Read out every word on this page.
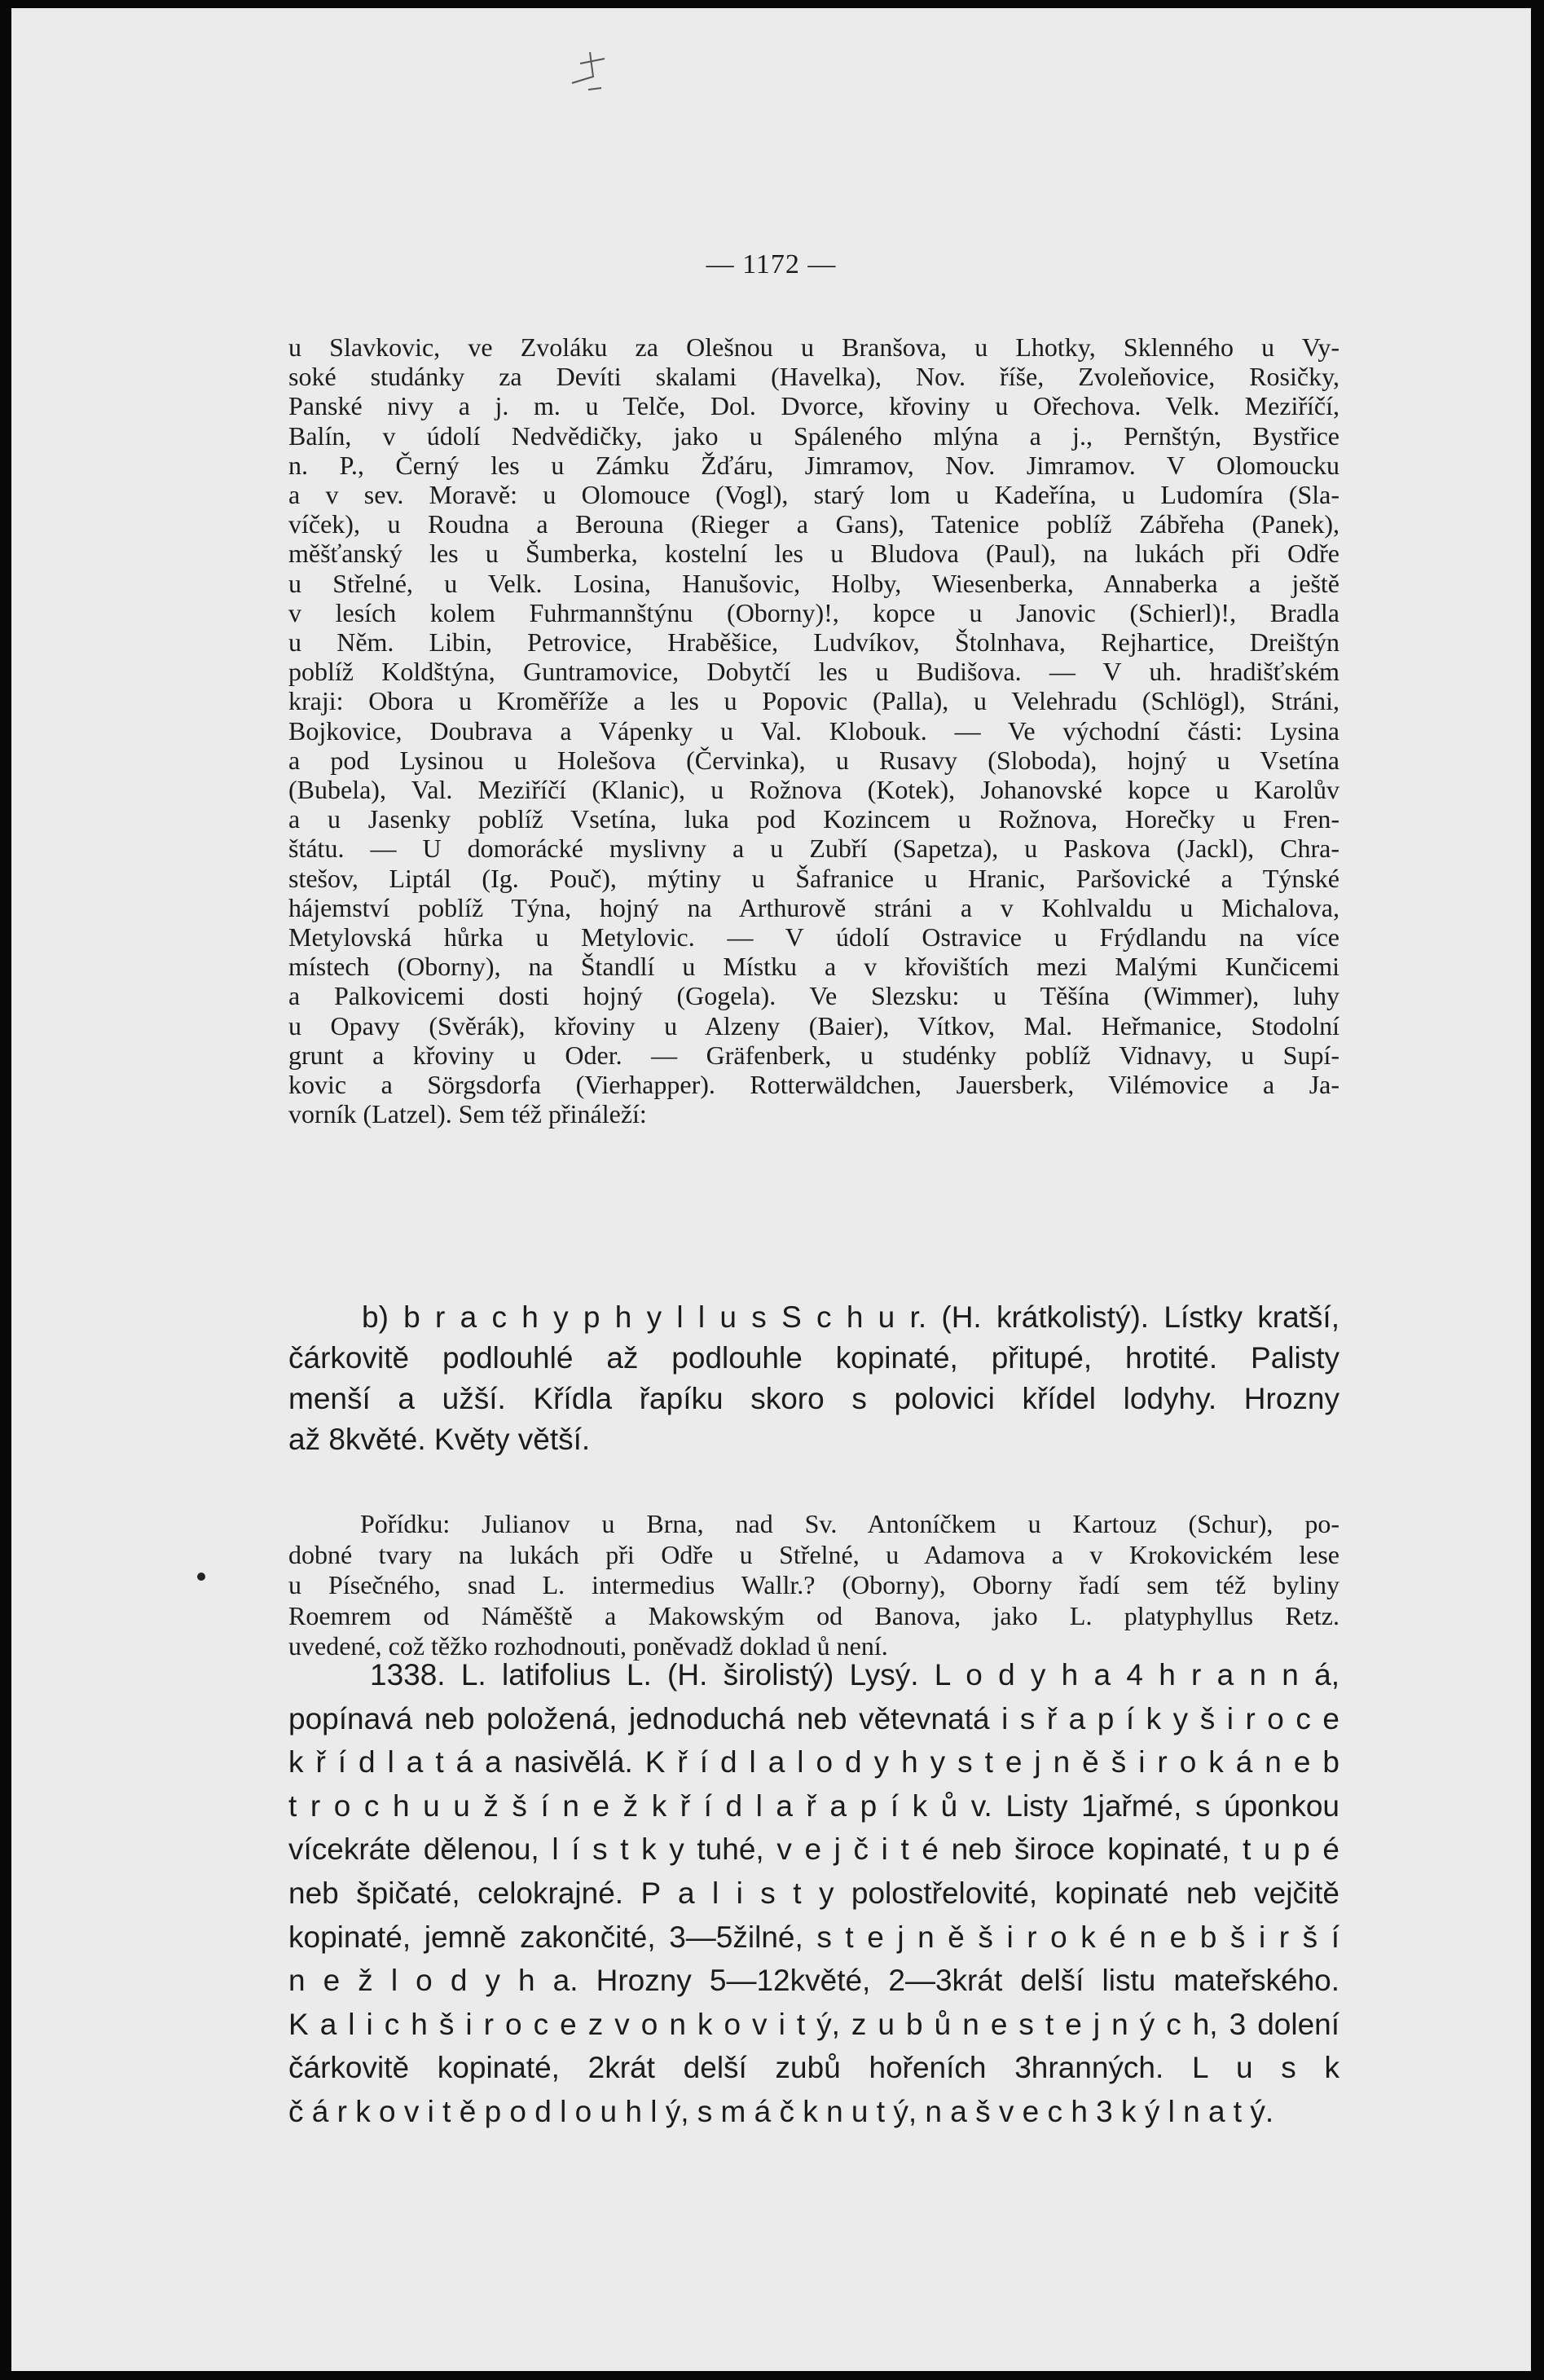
— 1172 —
u Slavkovic, ve Zvoláku za Olešnou u Branšova, u Lhotky, Sklenného u Vy-
soké studánky za Devíti skalami (Havelka), Nov. říše, Zvoleňovice, Rosičky,
Panské nivy a j. m. u Telče, Dol. Dvorce, křoviny u Ořechova. Velk. Meziříčí,
Balín, v údolí Nedvědičky, jako u Spáleného mlýna a j., Pernštýn, Bystřice
n. P., Černý les u Zámku Žďáru, Jimramov, Nov. Jimramov. V Olomoucku
a v sev. Moravě: u Olomouce (Vogl), starý lom u Kadeřína, u Ludomíra (Sla-
víček), u Roudna a Berouna (Rieger a Gans), Tatenice poblíž Zábřeha (Panek),
měšťanský les u Šumberka, kostelní les u Bludova (Paul), na lukách při Odře
u Střelné, u Velk. Losina, Hanušovic, Holby, Wiesenberka, Annaberka a ještě
v lesích kolem Fuhrmannštýnu (Oborny)!, kopce u Janovic (Schierl)!, Bradla
u Něm. Libin, Petrovice, Hraběšice, Ludvíkov, Štolnhava, Rejhartice, Dreištýn
poblíž Koldštýna, Guntramovice, Dobytčí les u Budišova. — V uh. hradišťském
kraji: Obora u Kroměříže a les u Popovic (Palla), u Velehradu (Schlögl), Stráni,
Bojkovice, Doubrava a Vápenky u Val. Klobouk. — Ve východní části: Lysina
a pod Lysinou u Holešova (Červinka), u Rusavy (Sloboda), hojný u Vsetína
(Bubela), Val. Meziříčí (Klanic), u Rožnova (Kotek), Johanovské kopce u Karolův
a u Jasenky poblíž Vsetína, luka pod Kozincem u Rožnova, Horečky u Fren-
štátu. — U domorácké myslivny a u Zubří (Sapetza), u Paskova (Jackl), Chra-
stešov, Liptál (Ig. Pouč), mýtiny u Šafranice u Hranic, Paršovické a Týnské
hájemství poblíž Týna, hojný na Arthurově stráni a v Kohlvaldu u Michalova,
Metylovská hůrka u Metylovic. — V údolí Ostravice u Frýdlandu na více
místech (Oborny), na Štandlí u Místku a v křovištích mezi Malými Kunčicemi
a Palkovicemi dosti hojný (Gogela). Ve Slezsku: u Těšína (Wimmer), luhy
u Opavy (Svěrák), křoviny u Alzeny (Baier), Vítkov, Mal. Heřmanice, Stodolní
grunt a křoviny u Oder. — Gräfenberk, u studénky poblíž Vidnavy, u Supí-
kovic a Sörgsdorfa (Vierhapper). Rotterwäldchen, Jauersberk, Vilémovice a Ja-
vorník (Latzel). Sem též přináleží:
b) b r a c h y p h y l l u s S c h u r. (H. krátkolistý). Lístky kratší,
čárkovitě podlouhlé až podlouhle kopinaté, přitupé, hrotité. Palisty
menší a užší. Křídla řapíku skoro s polovici křídel lodyhy. Hrozny
až 8květé. Květy větší.
Pořídku: Julianov u Brna, nad Sv. Antoníčkem u Kartouz (Schur), po-
dobné tvary na lukách při Odře u Střelné, u Adamova a v Krokovickém lese
u Písečného, snad L. intermedius Wallr.? (Oborny), Oborny řadí sem též byliny
Roemrem od Náměště a Makowským od Banova, jako L. platyphyllus Retz.
uvedené, což těžko rozhodnouti, poněvadž doklad ů není.
1338. L. latifolius L. (H. širolistý) Lysý. L o d y h a 4 h r a n n á,
popínavá neb položená, jednoduchá neb větevnatá i s ř a p í k y š i r o c e
k ř í d l a t á a nasivělá. K ř í d l a l o d y h y s t e j n ě š i r o k á n e b
t r o c h u u ž š í n e ž k ř í d l a ř a p í k ů v. Listy 1jařmé, s úponkou
vícekráte dělenou, l í s t k y tuhé, v e j č i t é neb široce kopinaté, t u p é
neb špičaté, celokrajné. P a l i s t y polostřelovité, kopinaté neb vejčitě
kopinaté, jemně zakončité, 3—5žilné, s t e j n ě š i r o k é n e b š i r š í
n e ž l o d y h a. Hrozny 5—12květé, 2—3krát delší listu mateřského.
K a l i c h š i r o c e z v o n k o v i t ý, z u b ů n e s t e j n ý c h, 3 dolení
čárkovitě kopinaté, 2krát delší zubů hořeních 3hranných. L u s k
č á r k o v i t ě p o d l o u h l ý, s m á č k n u t ý, n a š v e c h 3 k ý l n a t ý.
